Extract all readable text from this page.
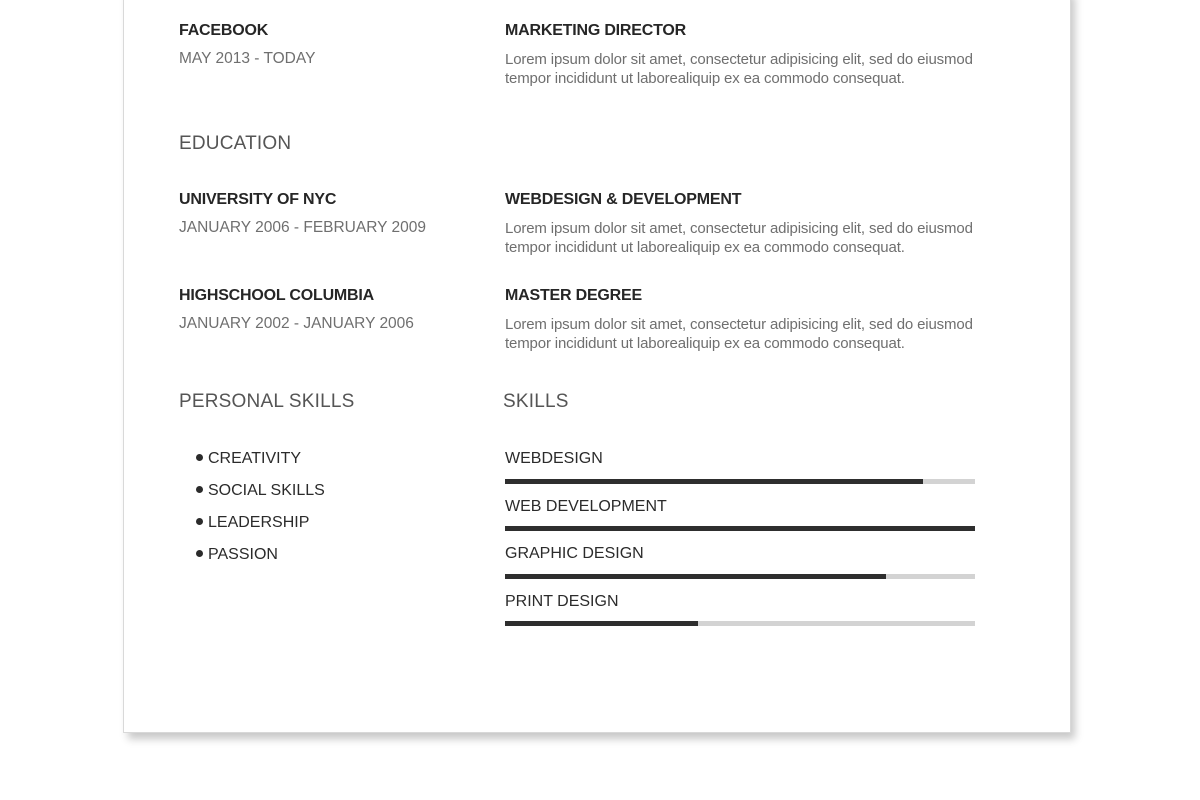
FACEBOOK
MAY 2013 - TODAY
MARKETING DIRECTOR
Lorem ipsum dolor sit amet, consectetur adipisicing elit, sed do eiusmod tempor incididunt ut laborealiquip ex ea commodo consequat.
EDUCATION
UNIVERSITY OF NYC
JANUARY 2006 - FEBRUARY 2009
WEBDESIGN & DEVELOPMENT
Lorem ipsum dolor sit amet, consectetur adipisicing elit, sed do eiusmod tempor incididunt ut laborealiquip ex ea commodo consequat.
HIGHSCHOOL COLUMBIA
JANUARY 2002 - JANUARY 2006
MASTER DEGREE
Lorem ipsum dolor sit amet, consectetur adipisicing elit, sed do eiusmod tempor incididunt ut laborealiquip ex ea commodo consequat.
PERSONAL SKILLS
CREATIVITY
SOCIAL SKILLS
LEADERSHIP
PASSION
SKILLS
WEBDESIGN
WEB DEVELOPMENT
GRAPHIC DESIGN
PRINT DESIGN
